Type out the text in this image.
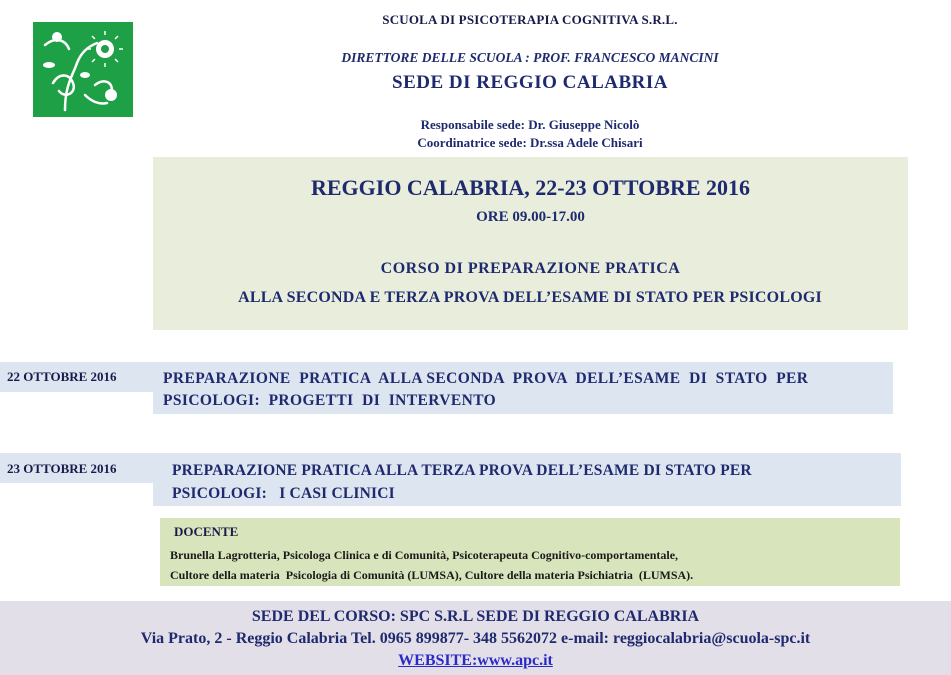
SCUOLA DI PSICOTERAPIA COGNITIVA S.R.L.
DIRETTORE DELLE SCUOLA : PROF. FRANCESCO MANCINI
SEDE DI REGGIO CALABRIA
Responsabile sede: Dr. Giuseppe Nicolò
Coordinatrice sede: Dr.ssa Adele Chisari
REGGIO CALABRIA, 22-23 OTTOBRE 2016
ORE 09.00-17.00
CORSO DI PREPARAZIONE PRATICA
ALLA SECONDA E TERZA PROVA DELL’ESAME DI STATO PER PSICOLOGI
22 OTTOBRE 2016	PREPARAZIONE  PRATICA  ALLA SECONDA  PROVA  DELL’ESAME  DI  STATO  PER
PSICOLOGI:  PROGETTI  DI  INTERVENTO
23 OTTOBRE 2016	PREPARAZIONE PRATICA ALLA TERZA PROVA DELL’ESAME DI STATO PER
PSICOLOGI:   I CASI CLINICI
DOCENTE
Brunella Lagrotteria, Psicologa Clinica e di Comunità, Psicoterapeuta Cognitivo-comportamentale,
Cultore della materia  Psicologia di Comunità (LUMSA), Cultore della materia Psichiatria  (LUMSA).
SEDE DEL CORSO: SPC S.R.L SEDE DI REGGIO CALABRIA
Via Prato, 2 - Reggio Calabria Tel. 0965 899877- 348 5562072 e-mail: reggiocalabria@scuola-spc.it
WEBSITE:www.apc.it
